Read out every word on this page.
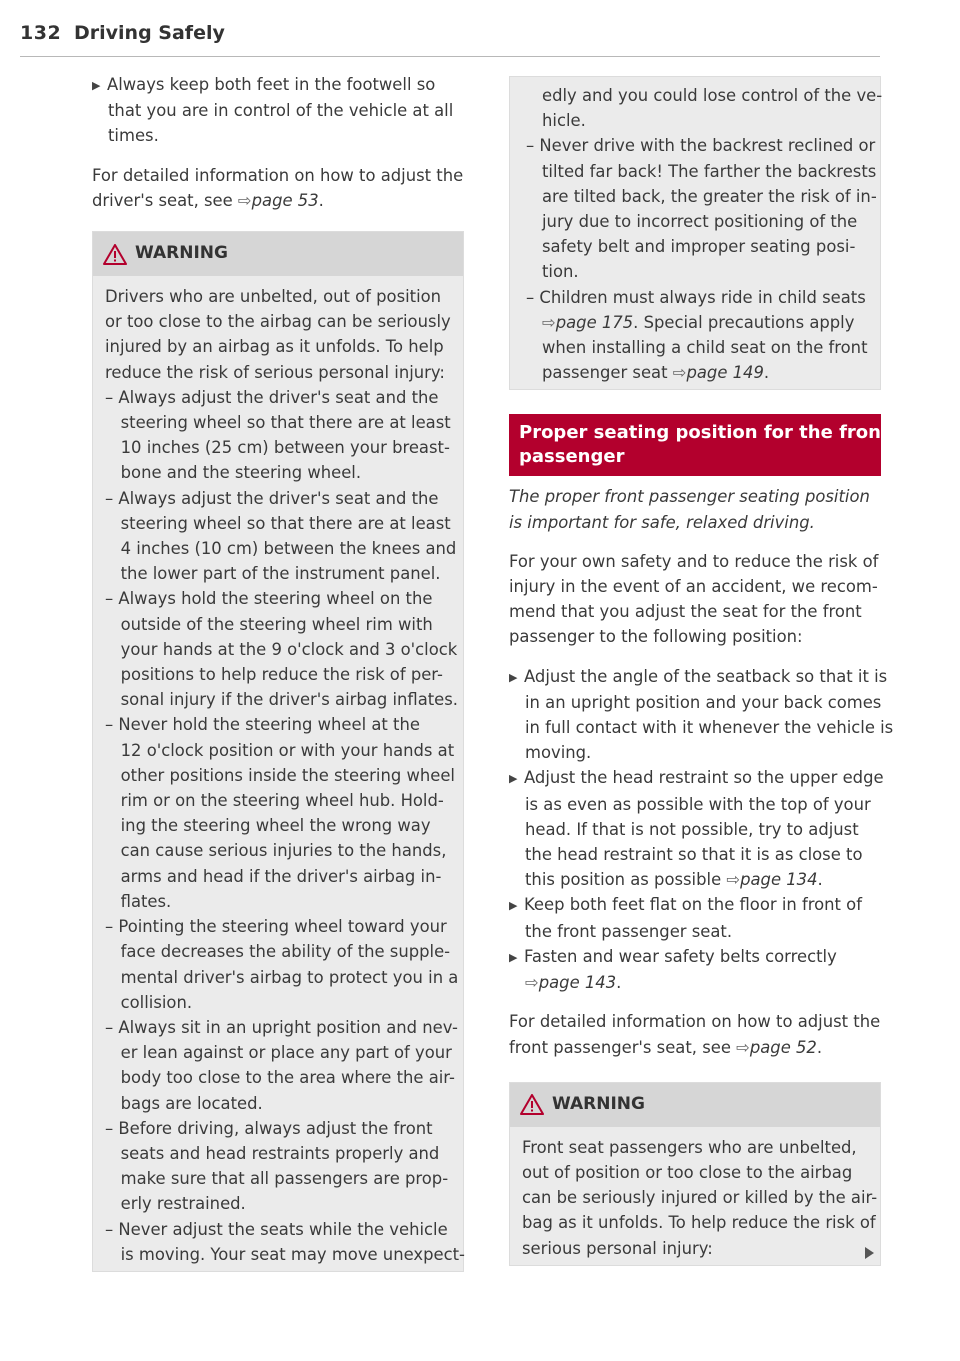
132 Driving Safely

▶ Always keep both feet in the footwell so
that you are in control of the vehicle at all
times.

For detailed information on how to adjust the
driver's seat, see ⇨page 53.

WARNING
Drivers who are unbelted, out of position
or too close to the airbag can be seriously
injured by an airbag as it unfolds. To help
reduce the risk of serious personal injury:
– Always adjust the driver's seat and the
steering wheel so that there are at least
10 inches (25 cm) between your breast-
bone and the steering wheel.
– Always adjust the driver's seat and the
steering wheel so that there are at least
4 inches (10 cm) between the knees and
the lower part of the instrument panel.
– Always hold the steering wheel on the
outside of the steering wheel rim with
your hands at the 9 o'clock and 3 o'clock
positions to help reduce the risk of per-
sonal injury if the driver's airbag inflates.
– Never hold the steering wheel at the
12 o'clock position or with your hands at
other positions inside the steering wheel
rim or on the steering wheel hub. Hold-
ing the steering wheel the wrong way
can cause serious injuries to the hands,
arms and head if the driver's airbag in-
flates.
– Pointing the steering wheel toward your
face decreases the ability of the supple-
mental driver's airbag to protect you in a
collision.
– Always sit in an upright position and nev-
er lean against or place any part of your
body too close to the area where the air-
bags are located.
– Before driving, always adjust the front
seats and head restraints properly and
make sure that all passengers are prop-
erly restrained.
– Never adjust the seats while the vehicle
is moving. Your seat may move unexpect-
edly and you could lose control of the ve-
hicle.
– Never drive with the backrest reclined or
tilted far back! The farther the backrests
are tilted back, the greater the risk of in-
jury due to incorrect positioning of the
safety belt and improper seating posi-
tion.
– Children must always ride in child seats
⇨page 175. Special precautions apply
when installing a child seat on the front
passenger seat ⇨page 149.
Proper seating position for the front
passenger

The proper front passenger seating position
is important for safe, relaxed driving.

For your own safety and to reduce the risk of
injury in the event of an accident, we recom-
mend that you adjust the seat for the front
passenger to the following position:

▶ Adjust the angle of the seatback so that it is
in an upright position and your back comes
in full contact with it whenever the vehicle is
moving.

▶ Adjust the head restraint so the upper edge
is as even as possible with the top of your
head. If that is not possible, try to adjust
the head restraint so that it is as close to
this position as possible ⇨page 134.

▶ Keep both feet flat on the floor in front of
the front passenger seat.

▶ Fasten and wear safety belts correctly
⇨page 143.

For detailed information on how to adjust the
front passenger's seat, see ⇨page 52.

WARNING
Front seat passengers who are unbelted,
out of position or too close to the airbag
can be seriously injured or killed by the air-
bag as it unfolds. To help reduce the risk of
serious personal injury:
